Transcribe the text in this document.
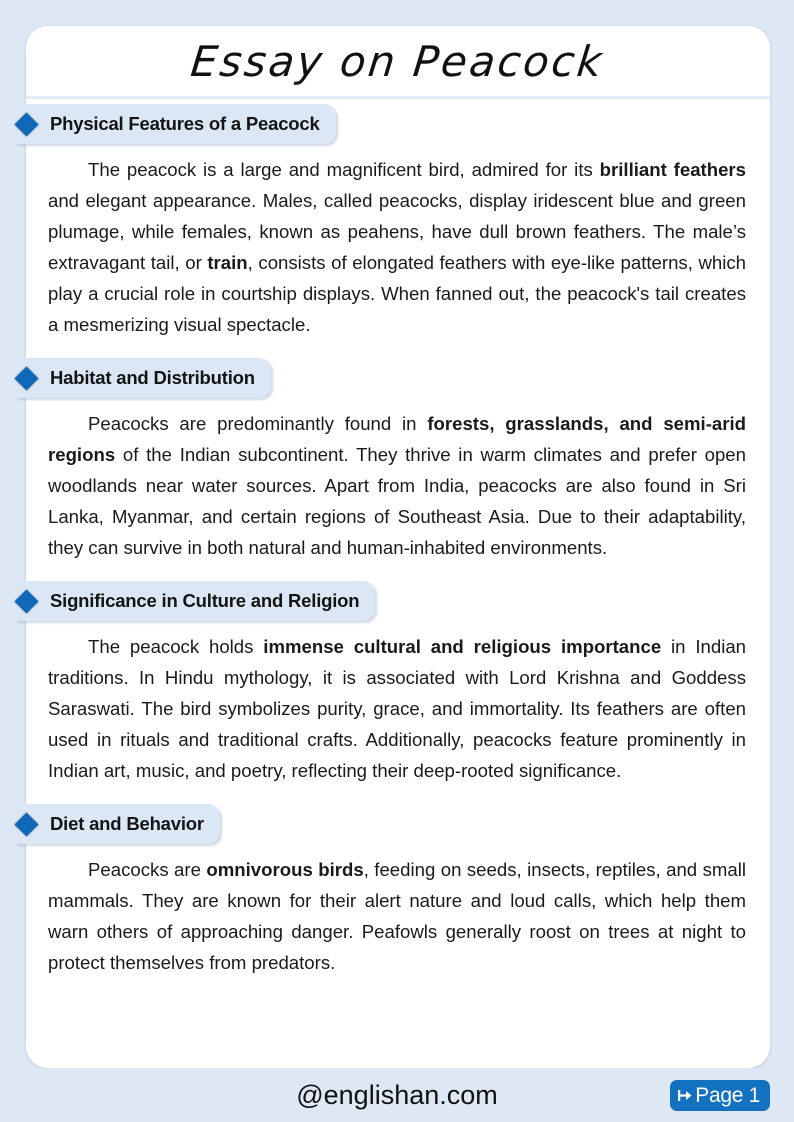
Essay on Peacock
Physical Features of a Peacock

The peacock is a large and magnificent bird, admired for its brilliant feathers and elegant appearance. Males, called peacocks, display iridescent blue and green plumage, while females, known as peahens, have dull brown feathers. The male’s extravagant tail, or train, consists of elongated feathers with eye-like patterns, which play a crucial role in courtship displays. When fanned out, the peacock's tail creates a mesmerizing visual spectacle.

Habitat and Distribution

Peacocks are predominantly found in forests, grasslands, and semi-arid regions of the Indian subcontinent. They thrive in warm climates and prefer open woodlands near water sources. Apart from India, peacocks are also found in Sri Lanka, Myanmar, and certain regions of Southeast Asia. Due to their adaptability, they can survive in both natural and human-inhabited environments.

Significance in Culture and Religion

The peacock holds immense cultural and religious importance in Indian traditions. In Hindu mythology, it is associated with Lord Krishna and Goddess Saraswati. The bird symbolizes purity, grace, and immortality. Its feathers are often used in rituals and traditional crafts. Additionally, peacocks feature prominently in Indian art, music, and poetry, reflecting their deep-rooted significance.

Diet and Behavior

Peacocks are omnivorous birds, feeding on seeds, insects, reptiles, and small mammals. They are known for their alert nature and loud calls, which help them warn others of approaching danger. Peafowls generally roost on trees at night to protect themselves from predators.

@englishan.com	Page 1
